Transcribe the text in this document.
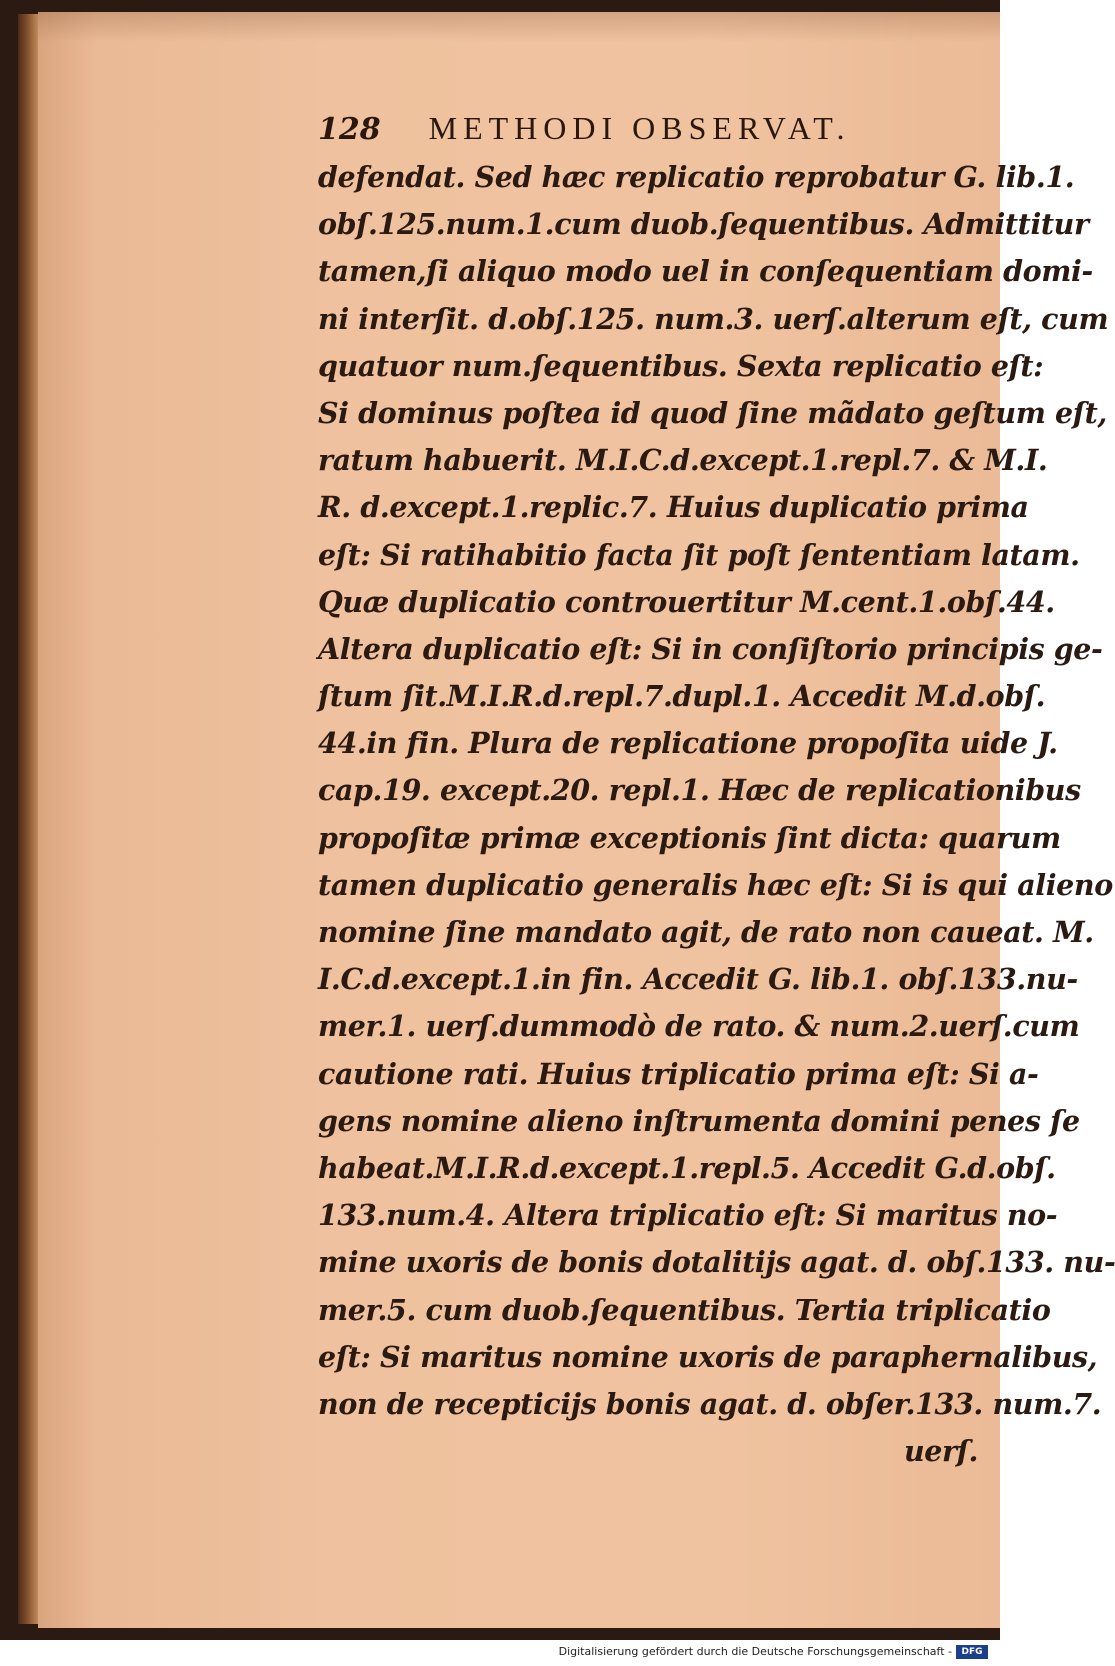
128 METHODI OBSERVAT.
defendat. Sed hæc replicatio reprobatur G. lib.1.
obſ.125.num.1.cum duob.ſequentibus. Admittitur
tamen,ſi aliquo modo uel in conſequentiam domi-
ni interſit. d.obſ.125. num.3. uerſ.alterum eſt, cum
quatuor num.ſequentibus. Sexta replicatio eſt:
Si dominus poſtea id quod ſine mãdato geſtum eſt,
ratum habuerit. M.I.C.d.except.1.repl.7. & M.I.
R. d.except.1.replic.7. Huius duplicatio prima
eſt: Si ratihabitio facta ſit poſt ſententiam latam.
Quæ duplicatio controuertitur M.cent.1.obſ.44.
Altera duplicatio eſt: Si in conſiſtorio principis ge-
ſtum ſit.M.I.R.d.repl.7.dupl.1. Accedit M.d.obſ.
44.in fin. Plura de replicatione propoſita uide J.
cap.19. except.20. repl.1. Hæc de replicationibus
propoſitæ primæ exceptionis ſint dicta: quarum
tamen duplicatio generalis hæc eſt: Si is qui alieno
nomine ſine mandato agit, de rato non caueat. M.
I.C.d.except.1.in fin. Accedit G. lib.1. obſ.133.nu-
mer.1. uerſ.dummodò de rato. & num.2.uerſ.cum
cautione rati. Huius triplicatio prima eſt: Si a-
gens nomine alieno inſtrumenta domini penes ſe
habeat.M.I.R.d.except.1.repl.5. Accedit G.d.obſ.
133.num.4. Altera triplicatio eſt: Si maritus no-
mine uxoris de bonis dotalitijs agat. d. obſ.133. nu-
mer.5. cum duob.ſequentibus. Tertia triplicatio
eſt: Si maritus nomine uxoris de paraphernalibus,
non de recepticijs bonis agat. d. obſer.133. num.7.
uerſ.
Digitalisierung gefördert durch die Deutsche Forschungsgemeinschaft -	DFG
